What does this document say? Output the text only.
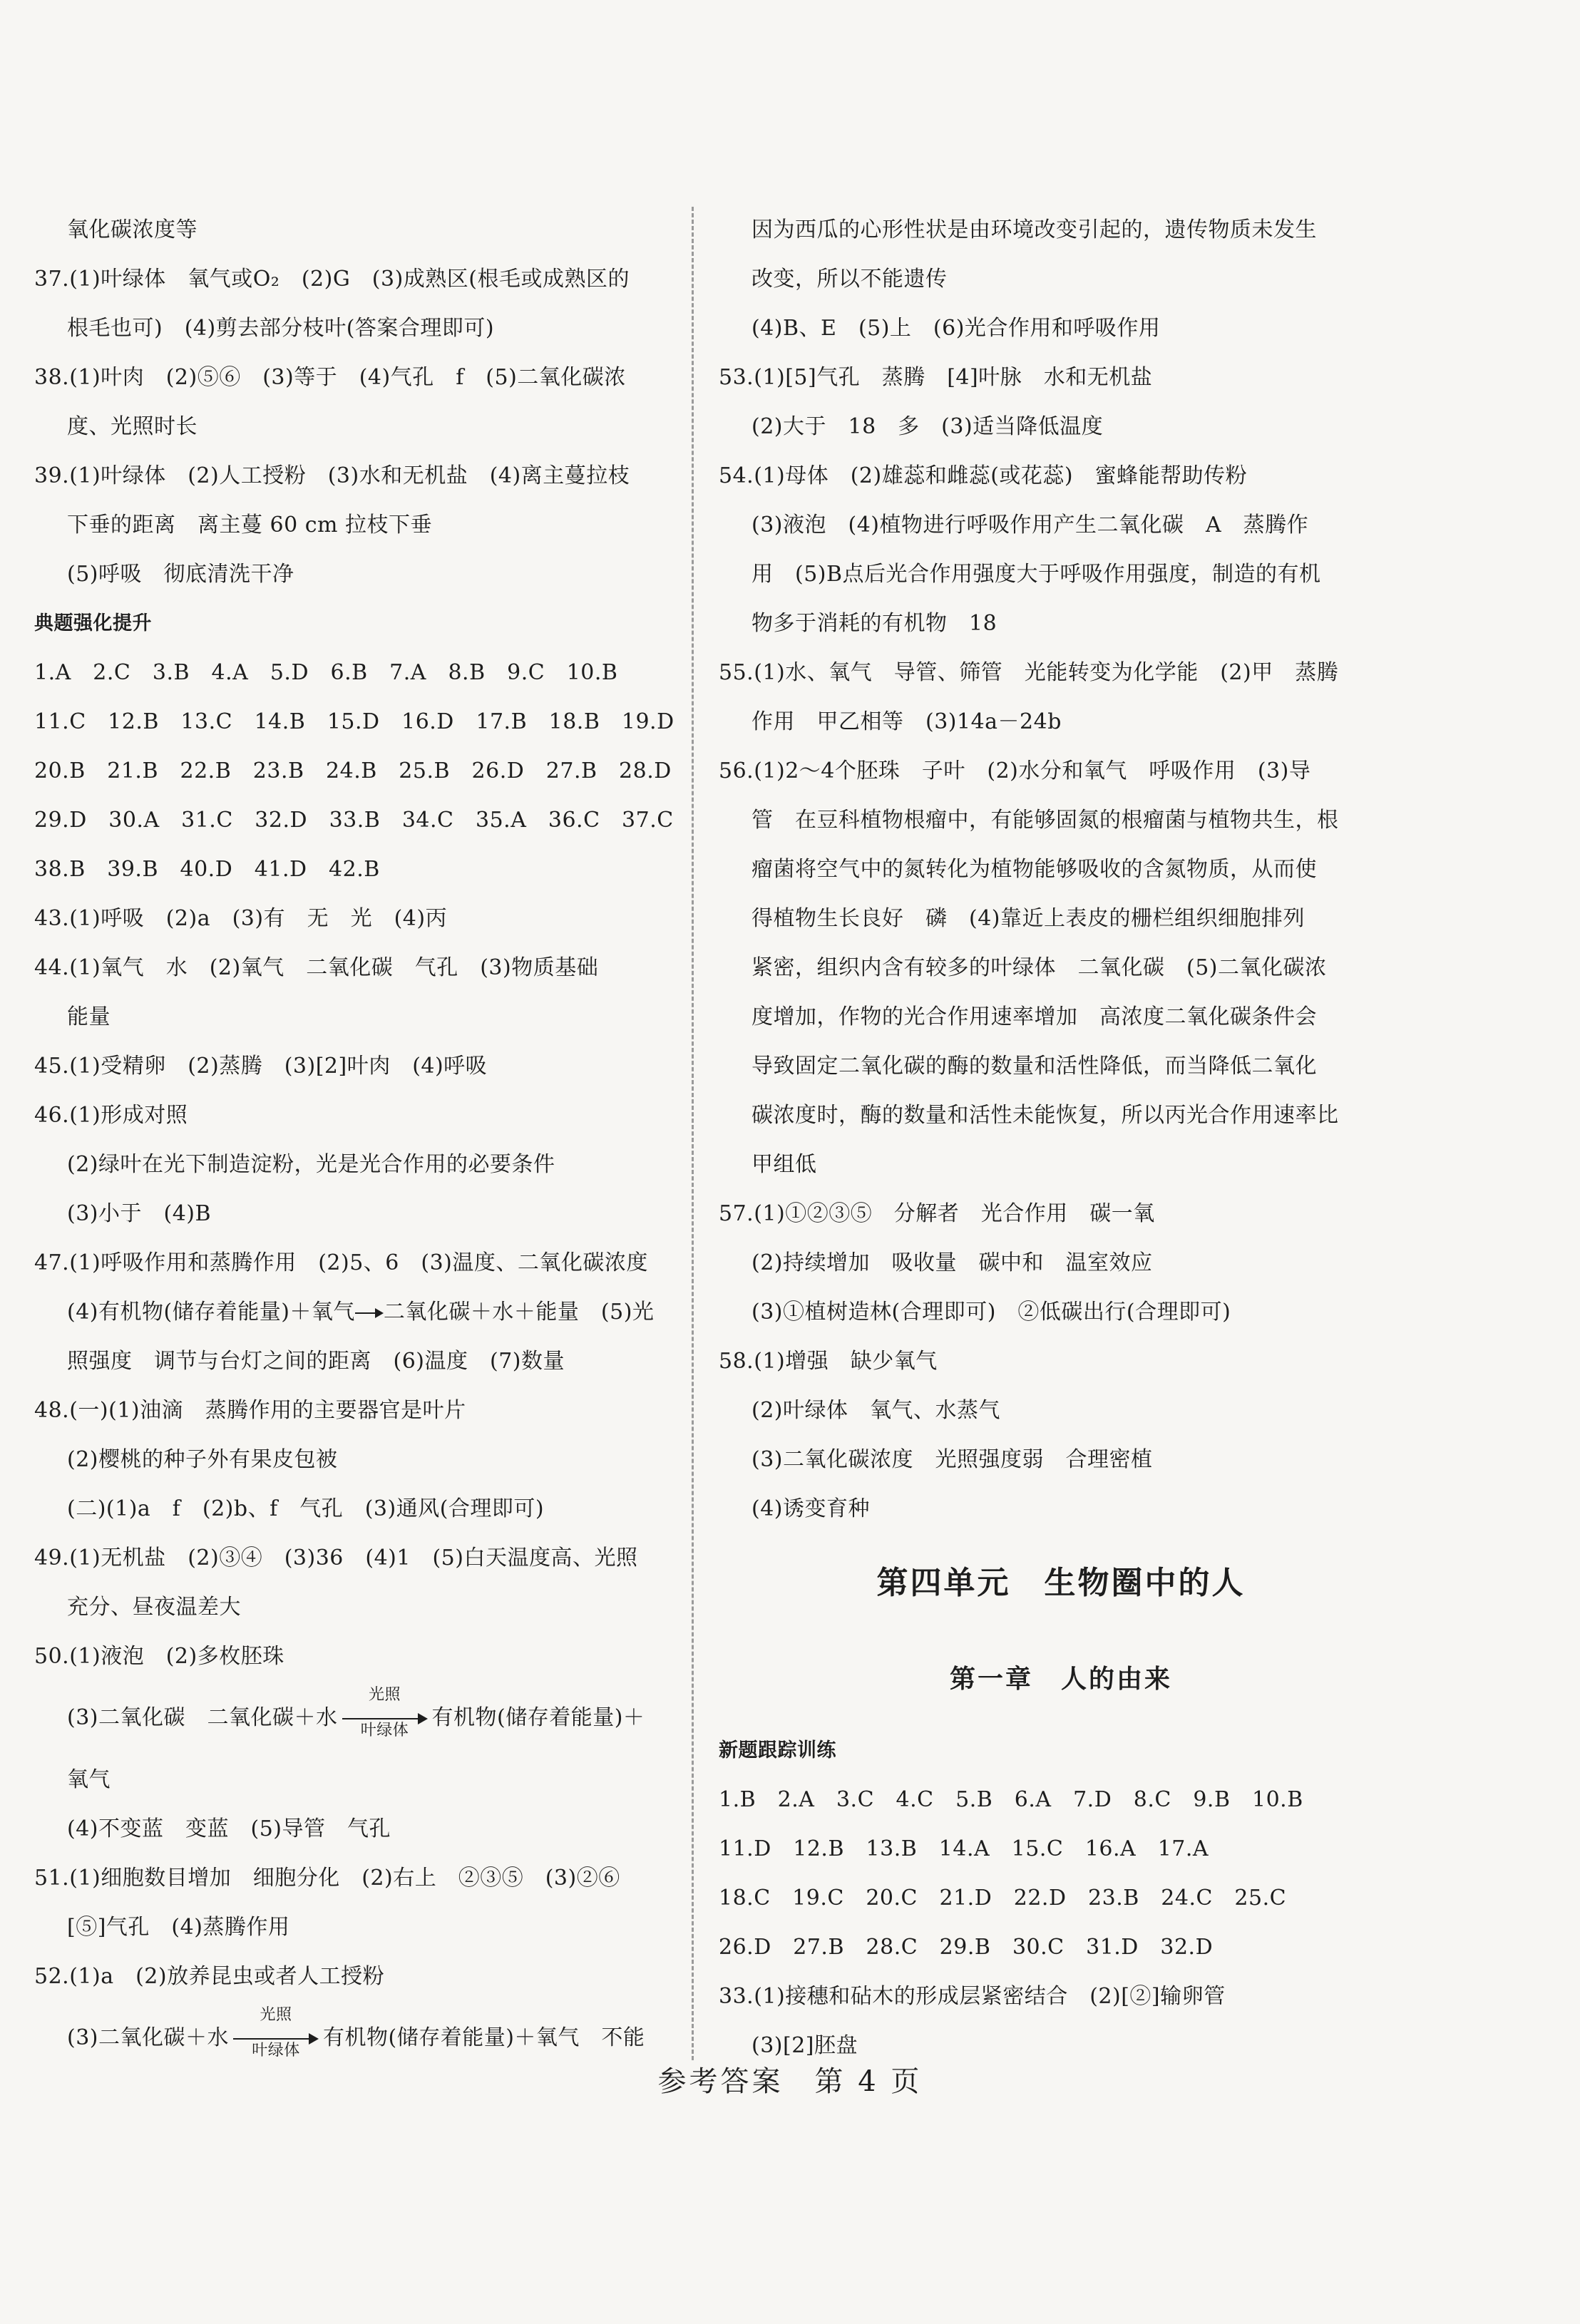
氧化碳浓度等
37.(1)叶绿体　氧气或O₂　(2)G　(3)成熟区(根毛或成熟区的
根毛也可)　(4)剪去部分枝叶(答案合理即可)
38.(1)叶肉　(2)⑤⑥　(3)等于　(4)气孔　f　(5)二氧化碳浓
度、光照时长
39.(1)叶绿体　(2)人工授粉　(3)水和无机盐　(4)离主蔓拉枝
下垂的距离　离主蔓 60 cm 拉枝下垂
(5)呼吸　彻底清洗干净
典题强化提升
1.A　2.C　3.B　4.A　5.D　6.B　7.A　8.B　9.C　10.B
11.C　12.B　13.C　14.B　15.D　16.D　17.B　18.B　19.D
20.B　21.B　22.B　23.B　24.B　25.B　26.D　27.B　28.D
29.D　30.A　31.C　32.D　33.B　34.C　35.A　36.C　37.C
38.B　39.B　40.D　41.D　42.B
43.(1)呼吸　(2)a　(3)有　无　光　(4)丙
44.(1)氧气　水　(2)氧气　二氧化碳　气孔　(3)物质基础
能量
45.(1)受精卵　(2)蒸腾　(3)[2]叶肉　(4)呼吸
46.(1)形成对照
(2)绿叶在光下制造淀粉，光是光合作用的必要条件
(3)小于　(4)B
47.(1)呼吸作用和蒸腾作用　(2)5、6　(3)温度、二氧化碳浓度
(4)有机物(储存着能量)＋氧气 二氧化碳＋水＋能量　(5)光
照强度　调节与台灯之间的距离　(6)温度　(7)数量
48.(一)(1)油滴　蒸腾作用的主要器官是叶片
(2)樱桃的种子外有果皮包被
(二)(1)a　f　(2)b、f　气孔　(3)通风(合理即可)
49.(1)无机盐　(2)③④　(3)36　(4)1　(5)白天温度高、光照
充分、昼夜温差大
50.(1)液泡　(2)多枚胚珠
(3)二氧化碳　二氧化碳＋水
光照
叶绿体
有机物(储存着能量)＋
氧气
(4)不变蓝　变蓝　(5)导管　气孔
51.(1)细胞数目增加　细胞分化　(2)右上　②③⑤　(3)②⑥
[⑤]气孔　(4)蒸腾作用
52.(1)a　(2)放养昆虫或者人工授粉
(3)二氧化碳＋水
光照
叶绿体
有机物(储存着能量)＋氧气　不能
因为西瓜的心形性状是由环境改变引起的，遗传物质未发生
改变，所以不能遗传
(4)B、E　(5)上　(6)光合作用和呼吸作用
53.(1)[5]气孔　蒸腾　[4]叶脉　水和无机盐
(2)大于　18　多　(3)适当降低温度
54.(1)母体　(2)雄蕊和雌蕊(或花蕊)　蜜蜂能帮助传粉
(3)液泡　(4)植物进行呼吸作用产生二氧化碳　A　蒸腾作
用　(5)B点后光合作用强度大于呼吸作用强度，制造的有机
物多于消耗的有机物　18
55.(1)水、氧气　导管、筛管　光能转变为化学能　(2)甲　蒸腾
作用　甲乙相等　(3)14a－24b
56.(1)2～4个胚珠　子叶　(2)水分和氧气　呼吸作用　(3)导
管　在豆科植物根瘤中，有能够固氮的根瘤菌与植物共生，根
瘤菌将空气中的氮转化为植物能够吸收的含氮物质，从而使
得植物生长良好　磷　(4)靠近上表皮的栅栏组织细胞排列
紧密，组织内含有较多的叶绿体　二氧化碳　(5)二氧化碳浓
度增加，作物的光合作用速率增加　高浓度二氧化碳条件会
导致固定二氧化碳的酶的数量和活性降低，而当降低二氧化
碳浓度时，酶的数量和活性未能恢复，所以丙光合作用速率比
甲组低
57.(1)①②③⑤　分解者　光合作用　碳一氧
(2)持续增加　吸收量　碳中和　温室效应
(3)①植树造林(合理即可)　②低碳出行(合理即可)
58.(1)增强　缺少氧气
(2)叶绿体　氧气、水蒸气
(3)二氧化碳浓度　光照强度弱　合理密植
(4)诱变育种
第四单元　生物圈中的人
第一章　人的由来
新题跟踪训练
1.B　2.A　3.C　4.C　5.B　6.A　7.D　8.C　9.B　10.B
11.D　12.B　13.B　14.A　15.C　16.A　17.A
18.C　19.C　20.C　21.D　22.D　23.B　24.C　25.C
26.D　27.B　28.C　29.B　30.C　31.D　32.D
33.(1)接穗和砧木的形成层紧密结合　(2)[②]输卵管
(3)[2]胚盘
参考答案　第 4 页
